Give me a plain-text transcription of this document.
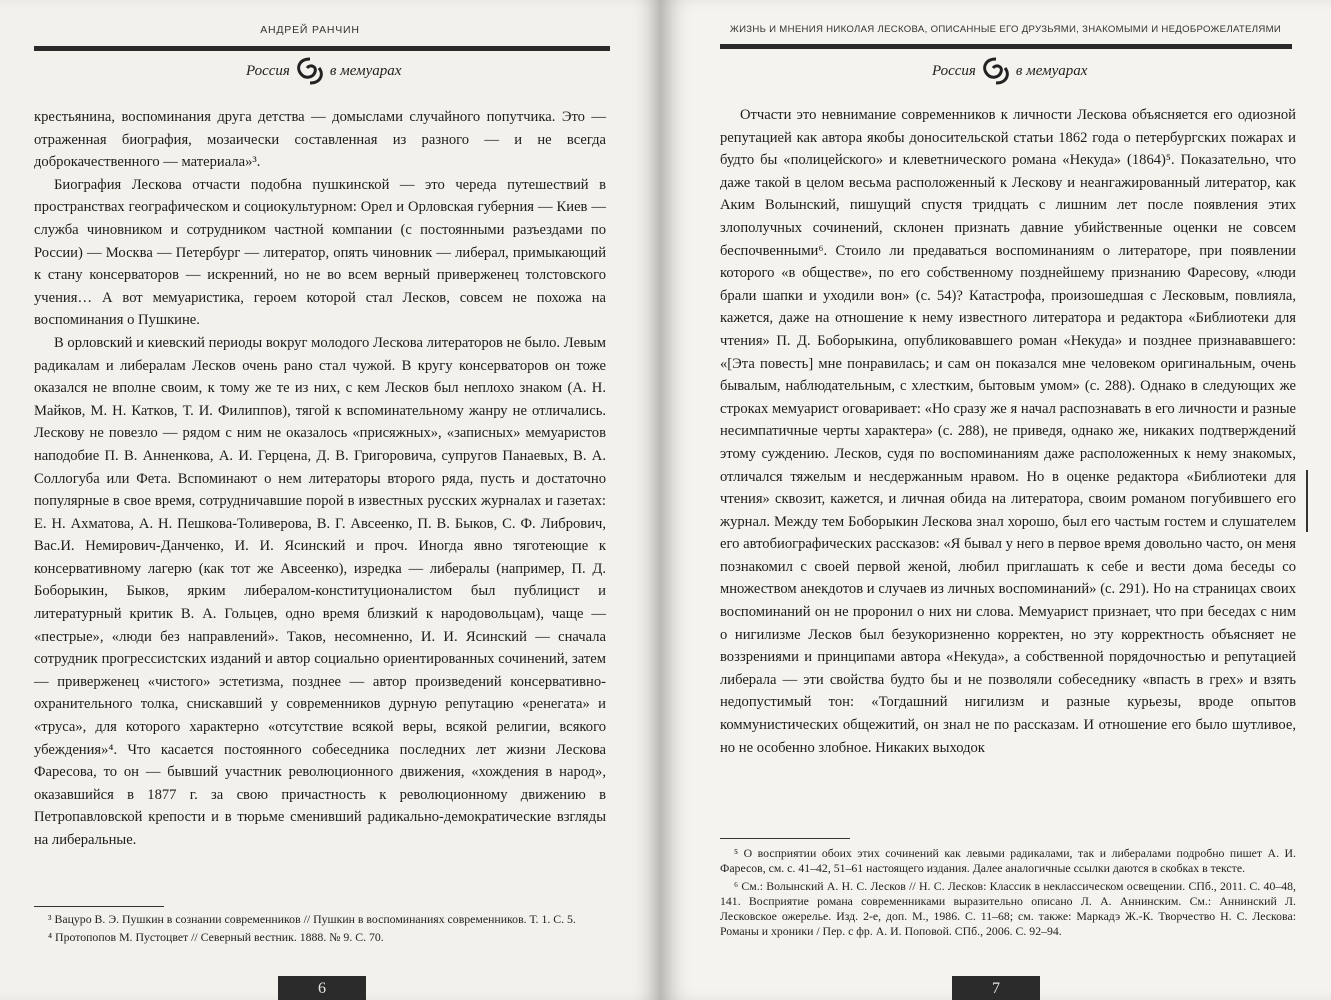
АНДРЕЙ РАНЧИН
Россия	в мемуарах

крестьянина, воспоминания друга детства — домыслами случайного попутчика. Это — отраженная биография, мозаически составленная из разного — и не всегда доброкачественного — материала»³.

Биография Лескова отчасти подобна пушкинской — это череда путешествий в пространствах географическом и социокультурном: Орел и Орловская губерния — Киев — служба чиновником и сотрудником частной компании (с постоянными разъездами по России) — Москва — Петербург — литератор, опять чиновник — либерал, примыкающий к стану консерваторов — искренний, но не во всем верный приверженец толстовского учения… А вот мемуаристика, героем которой стал Лесков, совсем не похожа на воспоминания о Пушкине.

В орловский и киевский периоды вокруг молодого Лескова литераторов не было. Левым радикалам и либералам Лесков очень рано стал чужой. В кругу консерваторов он тоже оказался не вполне своим, к тому же те из них, с кем Лесков был неплохо знаком (А. Н. Майков, М. Н. Катков, Т. И. Филиппов), тягой к вспоминательному жанру не отличались. Лескову не повезло — рядом с ним не оказалось «присяжных», «записных» мемуаристов наподобие П. В. Анненкова, А. И. Герцена, Д. В. Григоровича, супругов Панаевых, В. А. Соллогуба или Фета. Вспоминают о нем литераторы второго ряда, пусть и достаточно популярные в свое время, сотрудничавшие порой в известных русских журналах и газетах: Е. Н. Ахматова, А. Н. Пешкова-Толиверова, В. Г. Авсеенко, П. В. Быков, С. Ф. Либрович, Вас.И. Немирович-Данченко, И. И. Ясинский и проч. Иногда явно тяготеющие к консервативному лагерю (как тот же Авсеенко), изредка — либералы (например, П. Д. Боборыкин, Быков, ярким либералом-конституционалистом был публицист и литературный критик В. А. Гольцев, одно время близкий к народовольцам), чаще — «пестрые», «люди без направлений». Таков, несомненно, И. И. Ясинский — сначала сотрудник прогрессистских изданий и автор социально ориентированных сочинений, затем — приверженец «чистого» эстетизма, позднее — автор произведений консервативно-охранительного толка, снискавший у современников дурную репутацию «ренегата» и «труса», для которого характерно «отсутствие всякой веры, всякой религии, всякого убеждения»⁴. Что касается постоянного собеседника последних лет жизни Лескова Фаресова, то он — бывший участник революционного движения, «хождения в народ», оказавшийся в 1877 г. за свою причастность к революционному движению в Петропавловской крепости и в тюрьме сменивший радикально-демократические взгляды на либеральные.

³ Вацуро В. Э. Пушкин в сознании современников // Пушкин в воспоминаниях современников. Т. 1. С. 5.

⁴ Протопопов М. Пустоцвет // Северный вестник. 1888. № 9. С. 70.

6
ЖИЗНЬ И МНЕНИЯ НИКОЛАЯ ЛЕСКОВА, ОПИСАННЫЕ ЕГО ДРУЗЬЯМИ, ЗНАКОМЫМИ И НЕДОБРОЖЕЛАТЕЛЯМИ
Россия	в мемуарах

Отчасти это невнимание современников к личности Лескова объясняется его одиозной репутацией как автора якобы доносительской статьи 1862 года о петербургских пожарах и будто бы «полицейского» и клеветнического романа «Некуда» (1864)⁵. Показательно, что даже такой в целом весьма расположенный к Лескову и неангажированный литератор, как Аким Волынский, пишущий спустя тридцать с лишним лет после появления этих злополучных сочинений, склонен признать давние убийственные оценки не совсем беспочвенными⁶. Стоило ли предаваться воспоминаниям о литераторе, при появлении которого «в обществе», по его собственному позднейшему признанию Фаресову, «люди брали шапки и уходили вон» (с. 54)? Катастрофа, произошедшая с Лесковым, повлияла, кажется, даже на отношение к нему известного литератора и редактора «Библиотеки для чтения» П. Д. Боборыкина, опубликовавшего роман «Некуда» и позднее признававшего: «[Эта повесть] мне понравилась; и сам он показался мне человеком оригинальным, очень бывалым, наблюдательным, с хлестким, бытовым умом» (с. 288). Однако в следующих же строках мемуарист оговаривает: «Но сразу же я начал распознавать в его личности и разные несимпатичные черты характера» (с. 288), не приведя, однако же, никаких подтверждений этому суждению. Лесков, судя по воспоминаниям даже расположенных к нему знакомых, отличался тяжелым и несдержанным нравом. Но в оценке редактора «Библиотеки для чтения» сквозит, кажется, и личная обида на литератора, своим романом погубившего его журнал. Между тем Боборыкин Лескова знал хорошо, был его частым гостем и слушателем его автобиографических рассказов: «Я бывал у него в первое время довольно часто, он меня познакомил с своей первой женой, любил приглашать к себе и вести дома беседы со множеством анекдотов и случаев из личных воспоминаний» (с. 291). Но на страницах своих воспоминаний он не проронил о них ни слова. Мемуарист признает, что при беседах с ним о нигилизме Лесков был безукоризненно корректен, но эту корректность объясняет не воззрениями и принципами автора «Некуда», а собственной порядочностью и репутацией либерала — эти свойства будто бы и не позволяли собеседнику «впасть в грех» и взять недопустимый тон: «Тогдашний нигилизм и разные курьезы, вроде опытов коммунистических общежитий, он знал не по рассказам. И отношение его было шутливое, но не особенно злобное. Никаких выходок

⁵ О восприятии обоих этих сочинений как левыми радикалами, так и либералами подробно пишет А. И. Фаресов, см. с. 41–42, 51–61 настоящего издания. Далее аналогичные ссылки даются в скобках в тексте.

⁶ См.: Волынский А. Н. С. Лесков // Н. С. Лесков: Классик в неклассическом освещении. СПб., 2011. С. 40–48, 141. Восприятие романа современниками выразительно описано Л. А. Аннинским. См.: Аннинский Л. Лесковское ожерелье. Изд. 2-е, доп. М., 1986. С. 11–68; см. также: Маркадэ Ж.-К. Творчество Н. С. Лескова: Романы и хроники / Пер. с фр. А. И. Поповой. СПб., 2006. С. 92–94.

7
